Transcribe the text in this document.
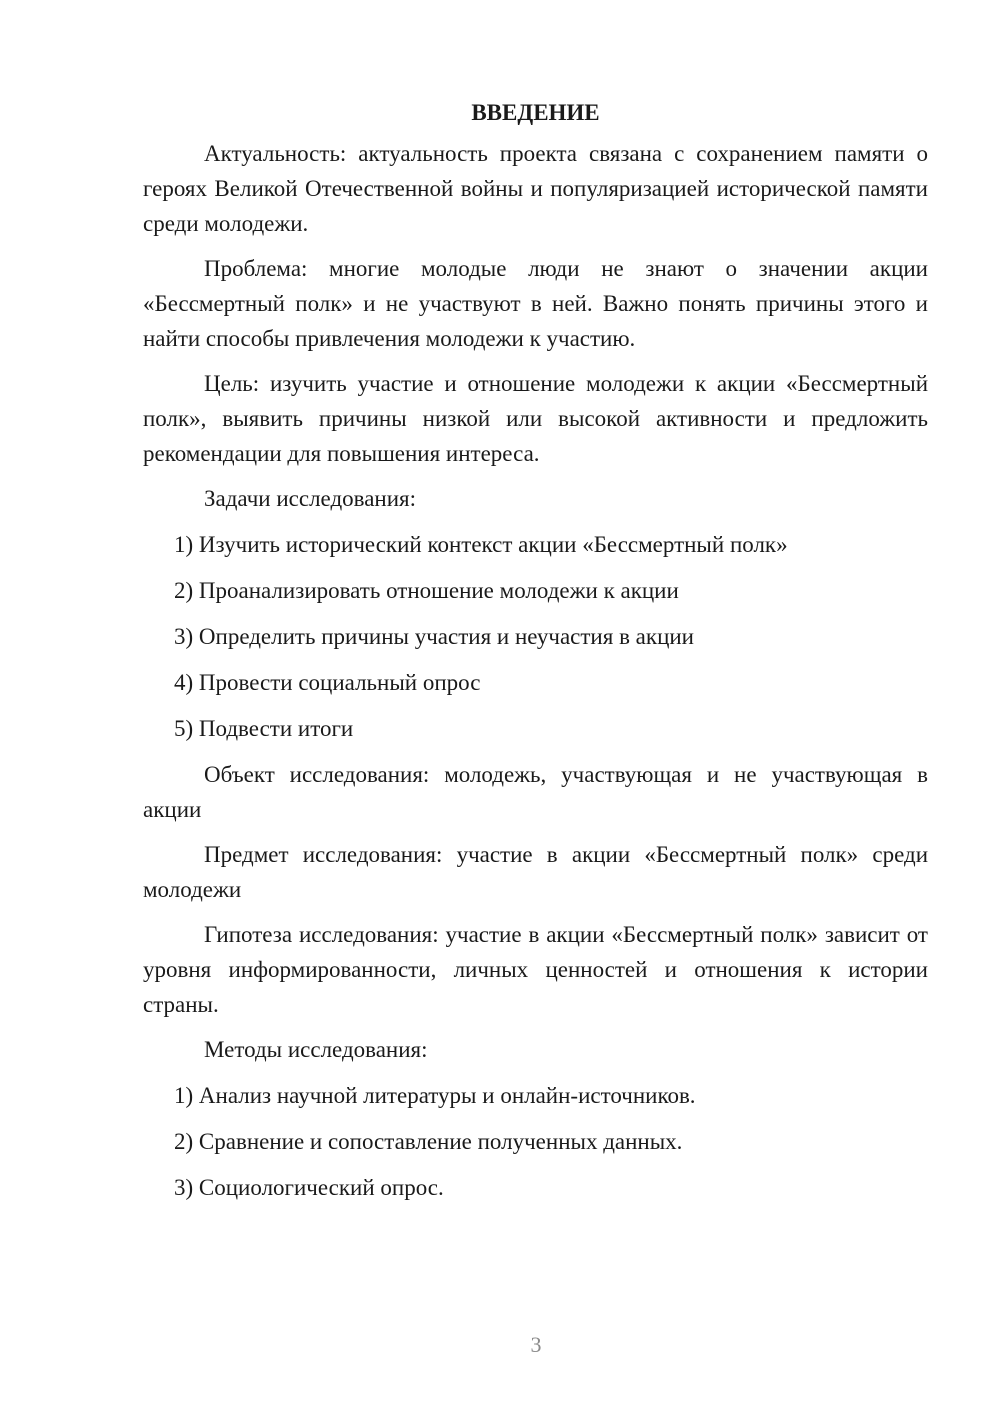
ВВЕДЕНИЕ

Актуальность: актуальность проекта связана с сохранением памяти о героях Великой Отечественной войны и популяризацией исторической памяти среди молодежи.

Проблема: многие молодые люди не знают о значении акции «Бессмертный полк» и не участвуют в ней. Важно понять причины этого и найти способы привлечения молодежи к участию.

Цель: изучить участие и отношение молодежи к акции «Бессмертный полк», выявить причины низкой или высокой активности и предложить рекомендации для повышения интереса.

Задачи исследования:

1) Изучить исторический контекст акции «Бессмертный полк»
2) Проанализировать отношение молодежи к акции
3) Определить причины участия и неучастия в акции
4) Провести социальный опрос
5) Подвести итоги

Объект исследования: молодежь, участвующая и не участвующая в акции

Предмет исследования: участие в акции «Бессмертный полк» среди молодежи

Гипотеза исследования: участие в акции «Бессмертный полк» зависит от уровня информированности, личных ценностей и отношения к истории страны.

Методы исследования:

1) Анализ научной литературы и онлайн-источников.
2) Сравнение и сопоставление полученных данных.
3) Социологический опрос.
3
